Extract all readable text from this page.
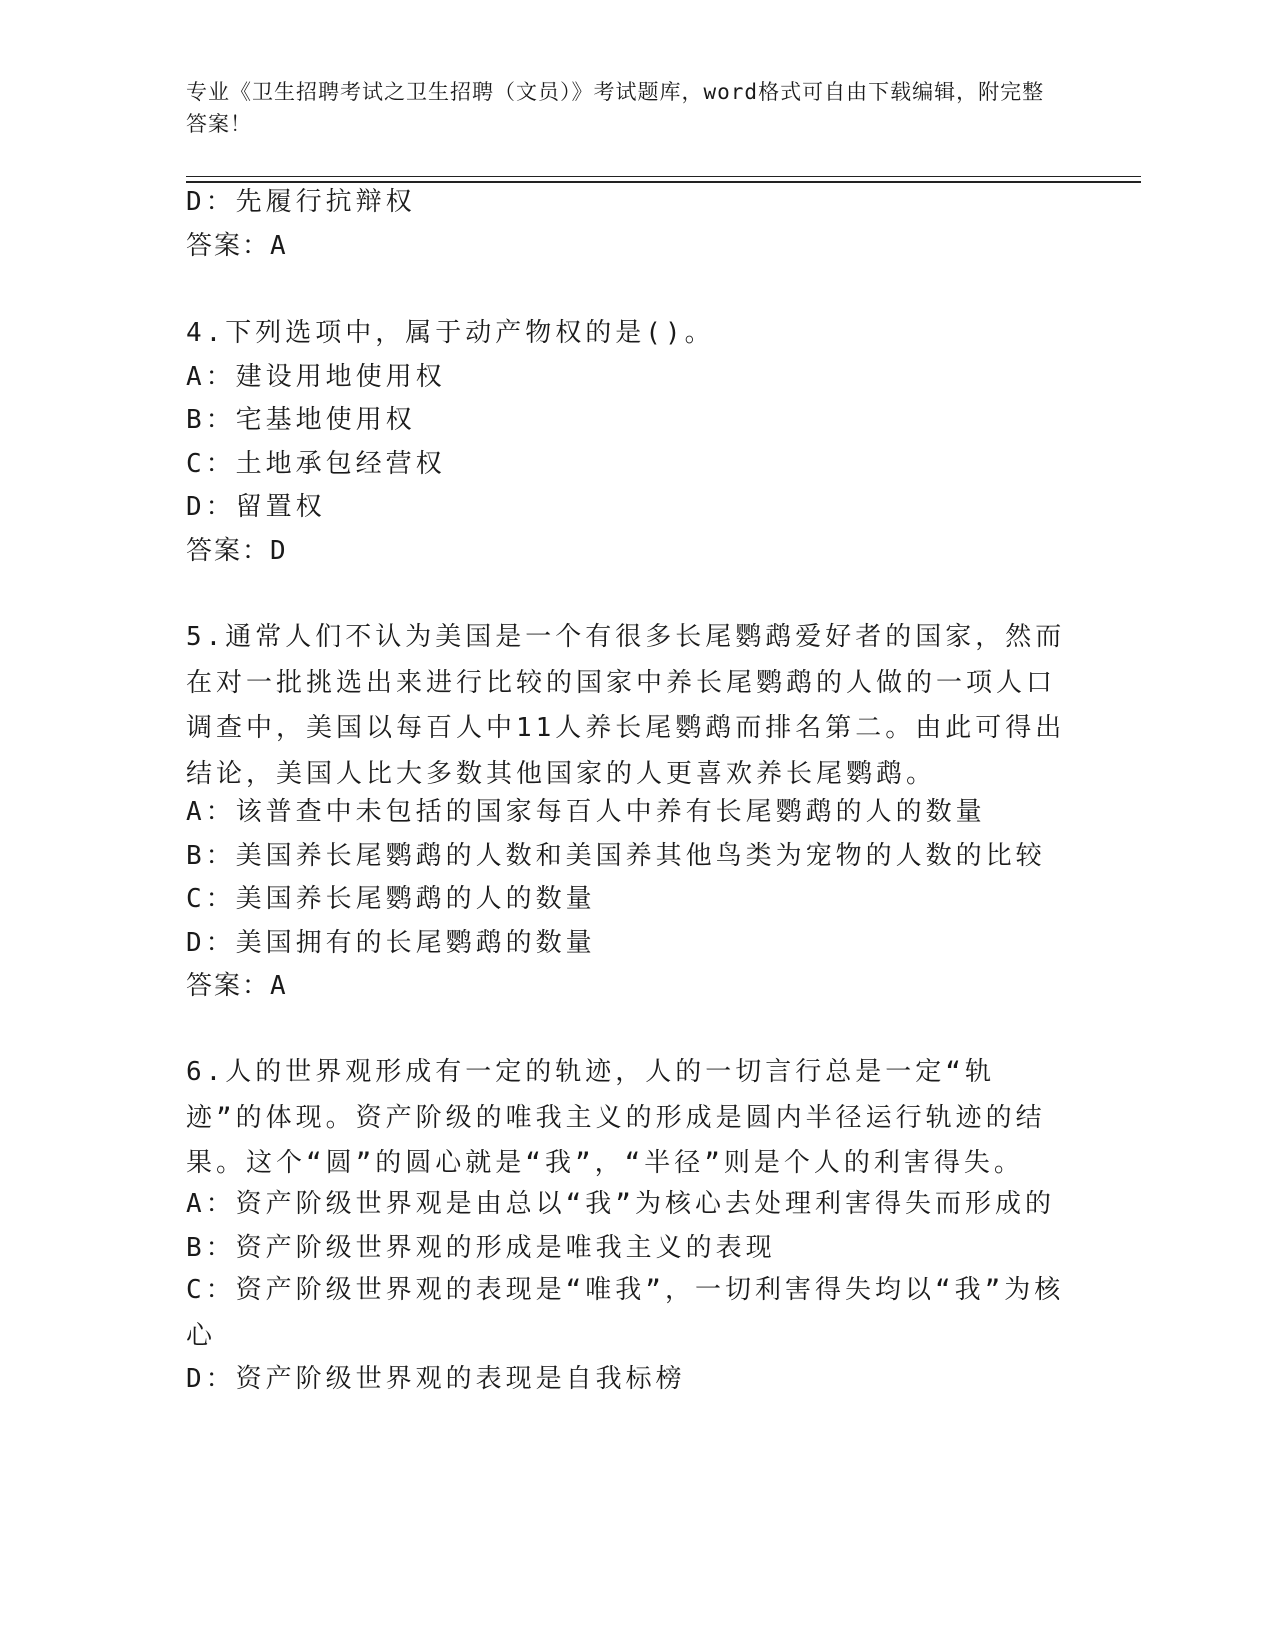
专业《卫生招聘考试之卫生招聘（文员）》考试题库，word格式可自由下载编辑，附完整答案！
D：先履行抗辩权
答案：A
4.下列选项中，属于动产物权的是()。
A：建设用地使用权
B：宅基地使用权
C：土地承包经营权
D：留置权
答案：D
5.通常人们不认为美国是一个有很多长尾鹦鹉爱好者的国家，然而在对一批挑选出来进行比较的国家中养长尾鹦鹉的人做的一项人口调查中，美国以每百人中11人养长尾鹦鹉而排名第二。由此可得出结论，美国人比大多数其他国家的人更喜欢养长尾鹦鹉。
A：该普查中未包括的国家每百人中养有长尾鹦鹉的人的数量
B：美国养长尾鹦鹉的人数和美国养其他鸟类为宠物的人数的比较
C：美国养长尾鹦鹉的人的数量
D：美国拥有的长尾鹦鹉的数量
答案：A
6.人的世界观形成有一定的轨迹，人的一切言行总是一定“轨迹”的体现。资产阶级的唯我主义的形成是圆内半径运行轨迹的结果。这个“圆”的圆心就是“我”，“半径”则是个人的利害得失。
A：资产阶级世界观是由总以“我”为核心去处理利害得失而形成的
B：资产阶级世界观的形成是唯我主义的表现
C：资产阶级世界观的表现是“唯我”，一切利害得失均以“我”为核心
D：资产阶级世界观的表现是自我标榜
